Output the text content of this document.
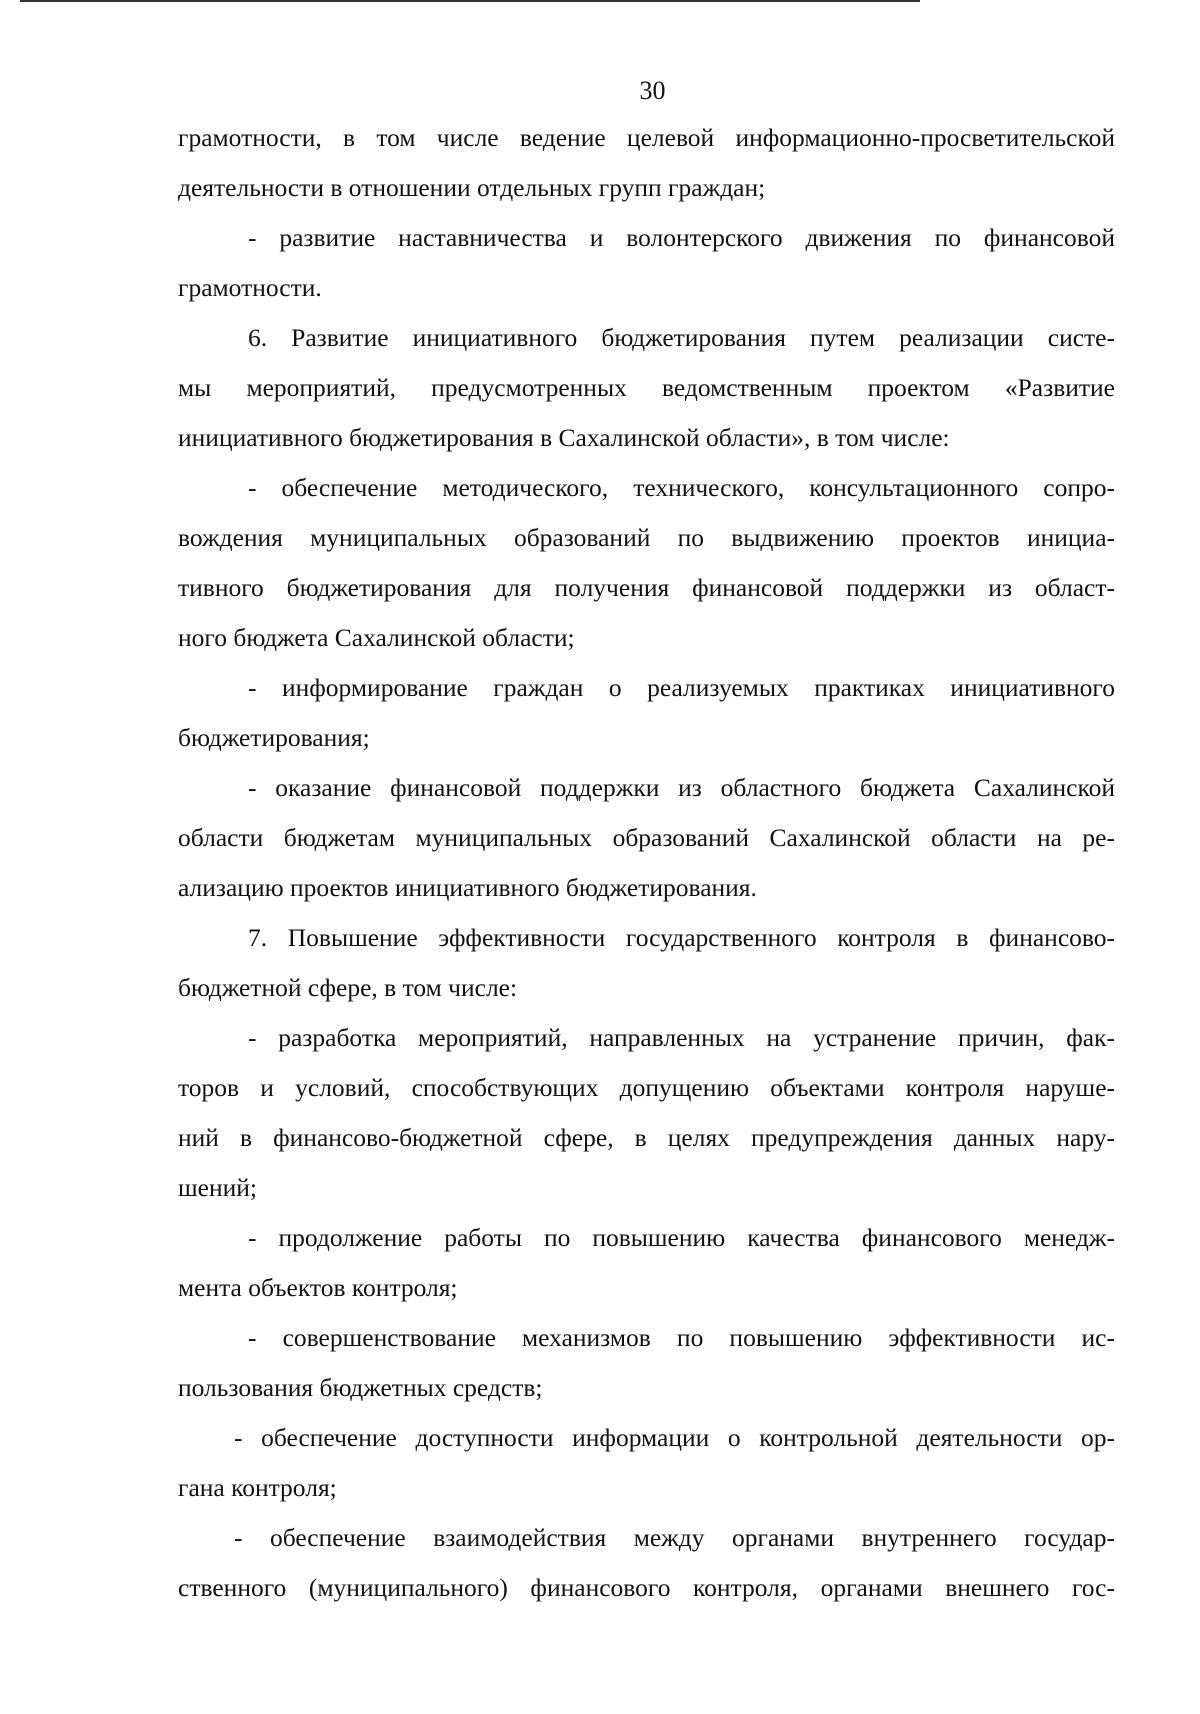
30
грамотности, в том числе ведение целевой информационно-просветительской
деятельности в отношении отдельных групп граждан;
- развитие наставничества и волонтерского движения по финансовой
грамотности.
6. Развитие инициативного бюджетирования путем реализации систе-
мы мероприятий, предусмотренных ведомственным проектом «Развитие
инициативного бюджетирования в Сахалинской области», в том числе:
- обеспечение методического, технического, консультационного сопро-
вождения муниципальных образований по выдвижению проектов инициа-
тивного бюджетирования для получения финансовой поддержки из област-
ного бюджета Сахалинской области;
- информирование граждан о реализуемых практиках инициативного
бюджетирования;
- оказание финансовой поддержки из областного бюджета Сахалинской
области бюджетам муниципальных образований Сахалинской области на ре-
ализацию проектов инициативного бюджетирования.
7. Повышение эффективности государственного контроля в финансово-
бюджетной сфере, в том числе:
- разработка мероприятий, направленных на устранение причин, фак-
торов и условий, способствующих допущению объектами контроля наруше-
ний в финансово-бюджетной сфере, в целях предупреждения данных нару-
шений;
- продолжение работы по повышению качества финансового менедж-
мента объектов контроля;
- совершенствование механизмов по повышению эффективности ис-
пользования бюджетных средств;
- обеспечение доступности информации о контрольной деятельности ор-
гана контроля;
- обеспечение взаимодействия между органами внутреннего государ-
ственного (муниципального) финансового контроля, органами внешнего гос-
